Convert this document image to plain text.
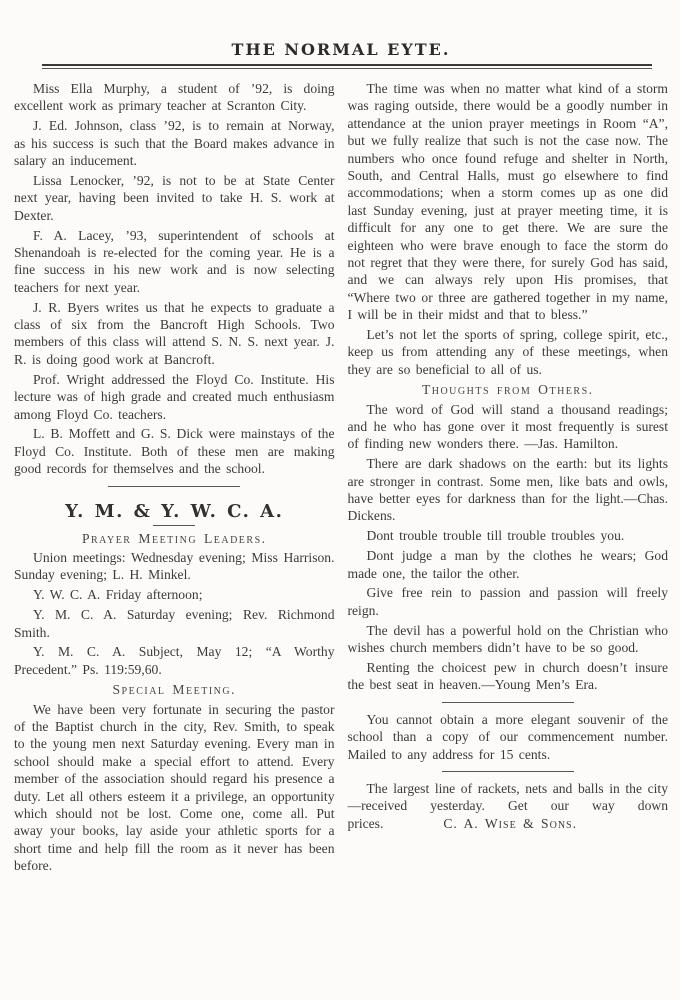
THE NORMAL EYTE.

Miss Ella Murphy, a student of ’92, is doing excellent work as primary teacher at Scranton City.

J. Ed. Johnson, class ’92, is to remain at Norway, as his success is such that the Board makes advance in salary an inducement.

Lissa Lenocker, ’92, is not to be at State Center next year, having been invited to take H. S. work at Dexter.

F. A. Lacey, ’93, superintendent of schools at Shenandoah is re-elected for the coming year. He is a fine success in his new work and is now selecting teachers for next year.

J. R. Byers writes us that he expects to graduate a class of six from the Bancroft High Schools. Two members of this class will attend S. N. S. next year. J. R. is doing good work at Bancroft.

Prof. Wright addressed the Floyd Co. Institute. His lecture was of high grade and created much enthusiasm among Floyd Co. teachers.

L. B. Moffett and G. S. Dick were mainstays of the Floyd Co. Institute. Both of these men are making good records for themselves and the school.

Y. M. & Y. W. C. A.

Prayer Meeting Leaders.

Union meetings: Wednesday evening; Miss Harrison. Sunday evening; L. H. Minkel.

Y. W. C. A. Friday afternoon;

Y. M. C. A. Saturday evening; Rev. Richmond Smith.

Y. M. C. A. Subject, May 12; “A Worthy Precedent.” Ps. 119:59,60.

Special Meeting.

We have been very fortunate in securing the pastor of the Baptist church in the city, Rev. Smith, to speak to the young men next Saturday evening. Every man in school should make a special effort to attend. Every member of the association should regard his presence a duty. Let all others esteem it a privilege, an opportunity which should not be lost. Come one, come all. Put away your books, lay aside your athletic sports for a short time and help fill the room as it never has been before.

The time was when no matter what kind of a storm was raging outside, there would be a goodly number in attendance at the union prayer meetings in Room “A”, but we fully realize that such is not the case now. The numbers who once found refuge and shelter in North, South, and Central Halls, must go elsewhere to find accommodations; when a storm comes up as one did last Sunday evening, just at prayer meeting time, it is difficult for any one to get there. We are sure the eighteen who were brave enough to face the storm do not regret that they were there, for surely God has said, and we can always rely upon His promises, that “Where two or three are gathered together in my name, I will be in their midst and that to bless.”

Let’s not let the sports of spring, college spirit, etc., keep us from attending any of these meetings, when they are so beneficial to all of us.

Thoughts from Others.

The word of God will stand a thousand readings; and he who has gone over it most frequently is surest of finding new wonders there. —Jas. Hamilton.

There are dark shadows on the earth: but its lights are stronger in contrast. Some men, like bats and owls, have better eyes for darkness than for the light.—Chas. Dickens.

Dont trouble trouble till trouble troubles you.

Dont judge a man by the clothes he wears; God made one, the tailor the other.

Give free rein to passion and passion will freely reign.

The devil has a powerful hold on the Christian who wishes church members didn’t have to be so good.

Renting the choicest pew in church doesn’t insure the best seat in heaven.—Young Men’s Era.

You cannot obtain a more elegant souvenir of the school than a copy of our commencement number. Mailed to any address for 15 cents.

The largest line of rackets, nets and balls in the city—received yesterday. Get our way down prices.	C. A. Wise & Sons.
